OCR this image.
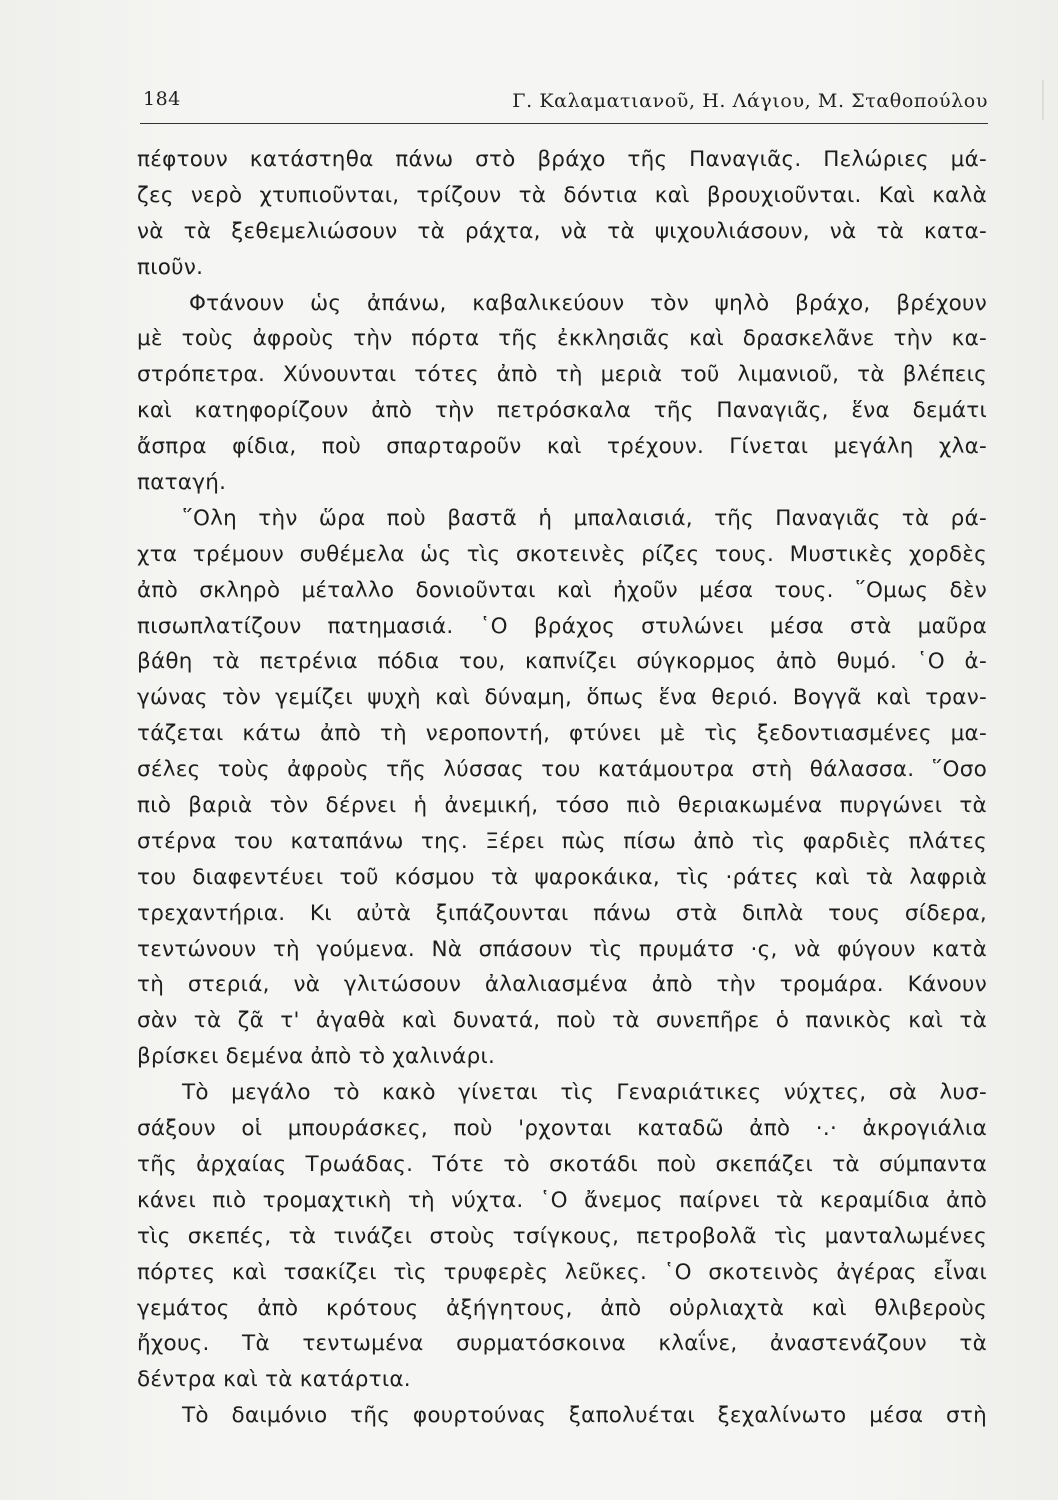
184	Γ. Καλαματιανοῦ, Η. Λάγιου, Μ. Σταθοπούλου
πέφτουν κατάστηθα πάνω στὸ βράχο τῆς Παναγιᾶς. Πελώριες μά-
ζες νερὸ χτυπιοῦνται, τρίζουν τὰ δόντια καὶ βρουχιοῦνται. Καὶ καλὰ
νὰ τὰ ξεθεμελιώσουν τὰ ράχτα, νὰ τὰ ψιχουλιάσουν, νὰ τὰ κατα-
πιοῦν.
Φτάνουν ὡς ἀπάνω, καβαλικεύουν τὸν ψηλὸ βράχο, βρέχουν
μὲ τοὺς ἀφροὺς τὴν πόρτα τῆς ἐκκλησιᾶς καὶ δρασκελᾶνε τὴν κα-
στρόπετρα. Χύνουνται τότες ἀπὸ τὴ μεριὰ τοῦ λιμανιοῦ, τὰ βλέπεις
καὶ κατηφορίζουν ἀπὸ τὴν πετρόσκαλα τῆς Παναγιᾶς, ἕνα δεμάτι
ἄσπρα φίδια, ποὺ σπαρταροῦν καὶ τρέχουν. Γίνεται μεγάλη χλα-
παταγή.
῞Ολη τὴν ὥρα ποὺ βαστᾶ ἡ μπαλαισιά, τῆς Παναγιᾶς τὰ ρά-
χτα τρέμουν συθέμελα ὡς τὶς σκοτεινὲς ρίζες τους. Μυστικὲς χορδὲς
ἀπὸ σκληρὸ μέταλλο δονιοῦνται καὶ ἠχοῦν μέσα τους. ῞Ομως δὲν
πισωπλατίζουν πατημασιά. ῾Ο βράχος στυλώνει μέσα στὰ μαῦρα
βάθη τὰ πετρένια πόδια του, καπνίζει σύγκορμος ἀπὸ θυμό. ῾Ο ἀ-
γώνας τὸν γεμίζει ψυχὴ καὶ δύναμη, ὅπως ἕνα θεριό. Βογγᾶ καὶ τραν-
τάζεται κάτω ἀπὸ τὴ νεροποντή, φτύνει μὲ τὶς ξεδοντιασμένες μα-
σέλες τοὺς ἀφροὺς τῆς λύσσας του κατάμουτρα στὴ θάλασσα. ῞Οσο
πιὸ βαριὰ τὸν δέρνει ἡ ἀνεμική, τόσο πιὸ θεριακωμένα πυργώνει τὰ
στέρνα του καταπάνω της. Ξέρει πὼς πίσω ἀπὸ τὶς φαρδιὲς πλάτες
του διαφεντέυει τοῦ κόσμου τὰ ψαροκάικα, τὶς ·ράτες καὶ τὰ λαφριὰ
τρεχαντήρια. Κι αὐτὰ ξιπάζουνται πάνω στὰ διπλὰ τους σίδερα,
τεντώνουν τὴ γούμενα. Νὰ σπάσουν τὶς πρυμάτσ ·ς, νὰ φύγουν κατὰ
τὴ στεριά, νὰ γλιτώσουν ἀλαλιασμένα ἀπὸ τὴν τρομάρα. Κάνουν
σὰν τὰ ζᾶ τ' ἀγαθὰ καὶ δυνατά, ποὺ τὰ συνεπῆρε ὁ πανικὸς καὶ τὰ
βρίσκει δεμένα ἀπὸ τὸ χαλινάρι.
Τὸ μεγάλο τὸ κακὸ γίνεται τὶς Γεναριάτικες νύχτες, σὰ λυσ-
σάξουν οἱ μπουράσκες, ποὺ 'ρχονται καταδῶ ἀπὸ ·.· ἀκρογιάλια
τῆς ἀρχαίας Τρωάδας. Τότε τὸ σκοτάδι ποὺ σκεπάζει τὰ σύμπαντα
κάνει πιὸ τρομαχτικὴ τὴ νύχτα. ῾Ο ἄνεμος παίρνει τὰ κεραμίδια ἀπὸ
τὶς σκεπές, τὰ τινάζει στοὺς τσίγκους, πετροβολᾶ τὶς μανταλωμένες
πόρτες καὶ τσακίζει τὶς τρυφερὲς λεῦκες. ῾Ο σκοτεινὸς ἀγέρας εἶναι
γεμάτος ἀπὸ κρότους ἀξήγητους, ἀπὸ οὐρλιαχτὰ καὶ θλιβεροὺς
ἤχους. Τὰ τεντωμένα συρματόσκοινα κλαΐνε, ἀναστενάζουν τὰ
δέντρα καὶ τὰ κατάρτια.
Τὸ δαιμόνιο τῆς φουρτούνας ξαπολυέται ξεχαλίνωτο μέσα στὴ
